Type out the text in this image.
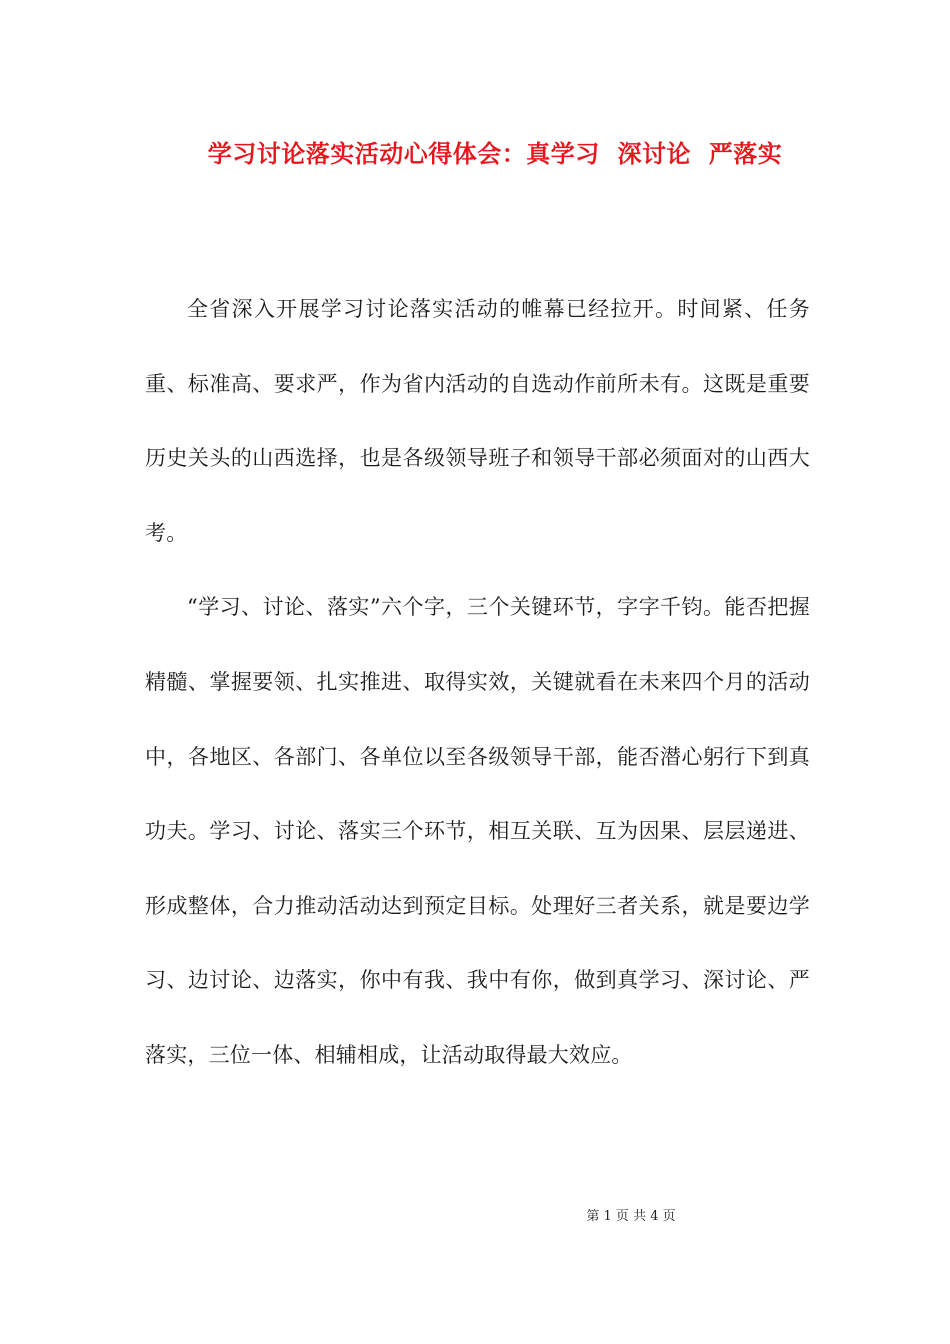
学习讨论落实活动心得体会：真学习  深讨论  严落实

全省深入开展学习讨论落实活动的帷幕已经拉开。时间紧、任务重、标准高、要求严，作为省内活动的自选动作前所未有。这既是重要历史关头的山西选择，也是各级领导班子和领导干部必须面对的山西大考。

“学习、讨论、落实”六个字，三个关键环节，字字千钧。能否把握精髓、掌握要领、扎实推进、取得实效，关键就看在未来四个月的活动中，各地区、各部门、各单位以至各级领导干部，能否潜心躬行下到真功夫。学习、讨论、落实三个环节，相互关联、互为因果、层层递进、形成整体，合力推动活动达到预定目标。处理好三者关系，就是要边学习、边讨论、边落实，你中有我、我中有你，做到真学习、深讨论、严落实，三位一体、相辅相成，让活动取得最大效应。

第 1 页 共 4 页
